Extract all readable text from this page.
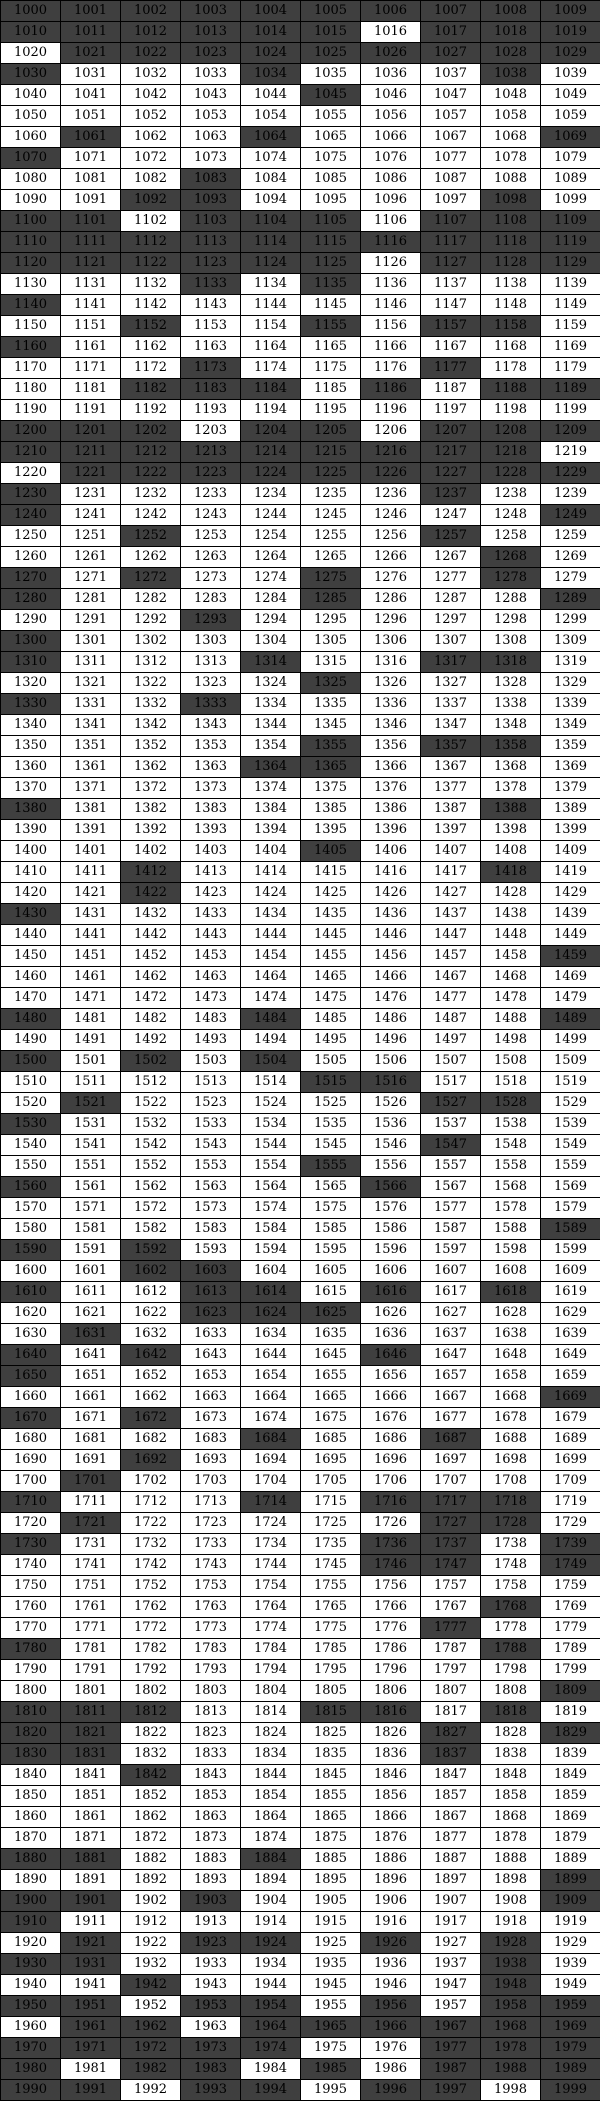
1000	1001	1002	1003	1004	1005	1006	1007	1008	1009
1010	1011	1012	1013	1014	1015	1016	1017	1018	1019
1020	1021	1022	1023	1024	1025	1026	1027	1028	1029
1030	1031	1032	1033	1034	1035	1036	1037	1038	1039
1040	1041	1042	1043	1044	1045	1046	1047	1048	1049
1050	1051	1052	1053	1054	1055	1056	1057	1058	1059
1060	1061	1062	1063	1064	1065	1066	1067	1068	1069
1070	1071	1072	1073	1074	1075	1076	1077	1078	1079
1080	1081	1082	1083	1084	1085	1086	1087	1088	1089
1090	1091	1092	1093	1094	1095	1096	1097	1098	1099
1100	1101	1102	1103	1104	1105	1106	1107	1108	1109
1110	1111	1112	1113	1114	1115	1116	1117	1118	1119
1120	1121	1122	1123	1124	1125	1126	1127	1128	1129
1130	1131	1132	1133	1134	1135	1136	1137	1138	1139
1140	1141	1142	1143	1144	1145	1146	1147	1148	1149
1150	1151	1152	1153	1154	1155	1156	1157	1158	1159
1160	1161	1162	1163	1164	1165	1166	1167	1168	1169
1170	1171	1172	1173	1174	1175	1176	1177	1178	1179
1180	1181	1182	1183	1184	1185	1186	1187	1188	1189
1190	1191	1192	1193	1194	1195	1196	1197	1198	1199
1200	1201	1202	1203	1204	1205	1206	1207	1208	1209
1210	1211	1212	1213	1214	1215	1216	1217	1218	1219
1220	1221	1222	1223	1224	1225	1226	1227	1228	1229
1230	1231	1232	1233	1234	1235	1236	1237	1238	1239
1240	1241	1242	1243	1244	1245	1246	1247	1248	1249
1250	1251	1252	1253	1254	1255	1256	1257	1258	1259
1260	1261	1262	1263	1264	1265	1266	1267	1268	1269
1270	1271	1272	1273	1274	1275	1276	1277	1278	1279
1280	1281	1282	1283	1284	1285	1286	1287	1288	1289
1290	1291	1292	1293	1294	1295	1296	1297	1298	1299
1300	1301	1302	1303	1304	1305	1306	1307	1308	1309
1310	1311	1312	1313	1314	1315	1316	1317	1318	1319
1320	1321	1322	1323	1324	1325	1326	1327	1328	1329
1330	1331	1332	1333	1334	1335	1336	1337	1338	1339
1340	1341	1342	1343	1344	1345	1346	1347	1348	1349
1350	1351	1352	1353	1354	1355	1356	1357	1358	1359
1360	1361	1362	1363	1364	1365	1366	1367	1368	1369
1370	1371	1372	1373	1374	1375	1376	1377	1378	1379
1380	1381	1382	1383	1384	1385	1386	1387	1388	1389
1390	1391	1392	1393	1394	1395	1396	1397	1398	1399
1400	1401	1402	1403	1404	1405	1406	1407	1408	1409
1410	1411	1412	1413	1414	1415	1416	1417	1418	1419
1420	1421	1422	1423	1424	1425	1426	1427	1428	1429
1430	1431	1432	1433	1434	1435	1436	1437	1438	1439
1440	1441	1442	1443	1444	1445	1446	1447	1448	1449
1450	1451	1452	1453	1454	1455	1456	1457	1458	1459
1460	1461	1462	1463	1464	1465	1466	1467	1468	1469
1470	1471	1472	1473	1474	1475	1476	1477	1478	1479
1480	1481	1482	1483	1484	1485	1486	1487	1488	1489
1490	1491	1492	1493	1494	1495	1496	1497	1498	1499
1500	1501	1502	1503	1504	1505	1506	1507	1508	1509
1510	1511	1512	1513	1514	1515	1516	1517	1518	1519
1520	1521	1522	1523	1524	1525	1526	1527	1528	1529
1530	1531	1532	1533	1534	1535	1536	1537	1538	1539
1540	1541	1542	1543	1544	1545	1546	1547	1548	1549
1550	1551	1552	1553	1554	1555	1556	1557	1558	1559
1560	1561	1562	1563	1564	1565	1566	1567	1568	1569
1570	1571	1572	1573	1574	1575	1576	1577	1578	1579
1580	1581	1582	1583	1584	1585	1586	1587	1588	1589
1590	1591	1592	1593	1594	1595	1596	1597	1598	1599
1600	1601	1602	1603	1604	1605	1606	1607	1608	1609
1610	1611	1612	1613	1614	1615	1616	1617	1618	1619
1620	1621	1622	1623	1624	1625	1626	1627	1628	1629
1630	1631	1632	1633	1634	1635	1636	1637	1638	1639
1640	1641	1642	1643	1644	1645	1646	1647	1648	1649
1650	1651	1652	1653	1654	1655	1656	1657	1658	1659
1660	1661	1662	1663	1664	1665	1666	1667	1668	1669
1670	1671	1672	1673	1674	1675	1676	1677	1678	1679
1680	1681	1682	1683	1684	1685	1686	1687	1688	1689
1690	1691	1692	1693	1694	1695	1696	1697	1698	1699
1700	1701	1702	1703	1704	1705	1706	1707	1708	1709
1710	1711	1712	1713	1714	1715	1716	1717	1718	1719
1720	1721	1722	1723	1724	1725	1726	1727	1728	1729
1730	1731	1732	1733	1734	1735	1736	1737	1738	1739
1740	1741	1742	1743	1744	1745	1746	1747	1748	1749
1750	1751	1752	1753	1754	1755	1756	1757	1758	1759
1760	1761	1762	1763	1764	1765	1766	1767	1768	1769
1770	1771	1772	1773	1774	1775	1776	1777	1778	1779
1780	1781	1782	1783	1784	1785	1786	1787	1788	1789
1790	1791	1792	1793	1794	1795	1796	1797	1798	1799
1800	1801	1802	1803	1804	1805	1806	1807	1808	1809
1810	1811	1812	1813	1814	1815	1816	1817	1818	1819
1820	1821	1822	1823	1824	1825	1826	1827	1828	1829
1830	1831	1832	1833	1834	1835	1836	1837	1838	1839
1840	1841	1842	1843	1844	1845	1846	1847	1848	1849
1850	1851	1852	1853	1854	1855	1856	1857	1858	1859
1860	1861	1862	1863	1864	1865	1866	1867	1868	1869
1870	1871	1872	1873	1874	1875	1876	1877	1878	1879
1880	1881	1882	1883	1884	1885	1886	1887	1888	1889
1890	1891	1892	1893	1894	1895	1896	1897	1898	1899
1900	1901	1902	1903	1904	1905	1906	1907	1908	1909
1910	1911	1912	1913	1914	1915	1916	1917	1918	1919
1920	1921	1922	1923	1924	1925	1926	1927	1928	1929
1930	1931	1932	1933	1934	1935	1936	1937	1938	1939
1940	1941	1942	1943	1944	1945	1946	1947	1948	1949
1950	1951	1952	1953	1954	1955	1956	1957	1958	1959
1960	1961	1962	1963	1964	1965	1966	1967	1968	1969
1970	1971	1972	1973	1974	1975	1976	1977	1978	1979
1980	1981	1982	1983	1984	1985	1986	1987	1988	1989
1990	1991	1992	1993	1994	1995	1996	1997	1998	1999
